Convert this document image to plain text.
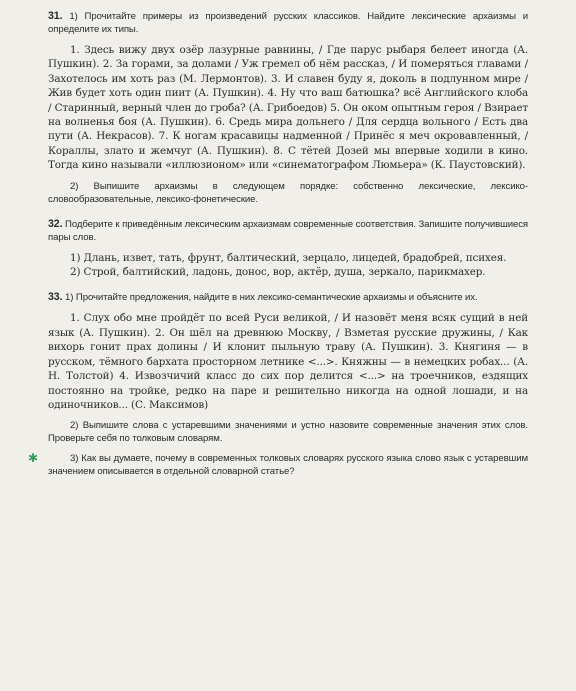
31. 1) Прочитайте примеры из произведений русских классиков. Найдите лексические архаизмы и определите их типы.

1. Здесь вижу двух озёр лазурные равнины, / Где парус рыбаря белеет иногда (А. Пушкин). 2. За горами, за долами / Уж гремел об нём рассказ, / И померяться главами / Захотелось им хоть раз (М. Лермонтов). 3. И славен буду я, доколь в подлунном мире / Жив будет хоть один пиит (А. Пушкин). 4. Ну что ваш батюшка? всё Английского клоба / Старинный, верный член до гроба? (А. Грибоедов) 5. Он оком опытным героя / Взирает на волненья боя (А. Пушкин). 6. Средь мира дольнего / Для сердца вольного / Есть два пути (А. Некрасов). 7. К ногам красавицы надменной / Принёс я меч окровавленный, / Кораллы, злато и жемчуг (А. Пушкин). 8. С тётей Дозей мы впервые ходили в кино. Тогда кино называли «иллюзионом» или «синематографом Люмьера» (К. Паустовский).

2) Выпишите архаизмы в следующем порядке: собственно лексические, лексико-словообразовательные, лексико-фонетические.

32. Подберите к приведённым лексическим архаизмам современные соответствия. Запишите получившиеся пары слов.

1) Длань, извет, тать, фрунт, балтический, зерцало, лицедей, брадобрей, психея.

2) Строй, балтийский, ладонь, донос, вор, актёр, душа, зеркало, парикмахер.

33. 1) Прочитайте предложения, найдите в них лексико-семантические архаизмы и объясните их.

1. Слух обо мне пройдёт по всей Руси великой, / И назовёт меня всяк сущий в ней язык (А. Пушкин). 2. Он шёл на древнюю Москву, / Взметая русские дружины, / Как вихорь гонит прах долины / И клонит пыльную траву (А. Пушкин). 3. Княгиня — в русском, тёмного бархата просторном летнике <...>. Княжны — в немецких робах... (А. Н. Толстой) 4. Извозчичий класс до сих пор делится <...> на троечников, ездящих постоянно на тройке, редко на паре и решительно никогда на одной лошади, и на одиночников... (С. Максимов)

2) Выпишите слова с устаревшими значениями и устно назовите современные значения этих слов. Проверьте себя по толковым словарям.

✱	3) Как вы думаете, почему в современных толковых словарях русского языка слово язык с устаревшим значением описывается в отдельной словарной статье?
